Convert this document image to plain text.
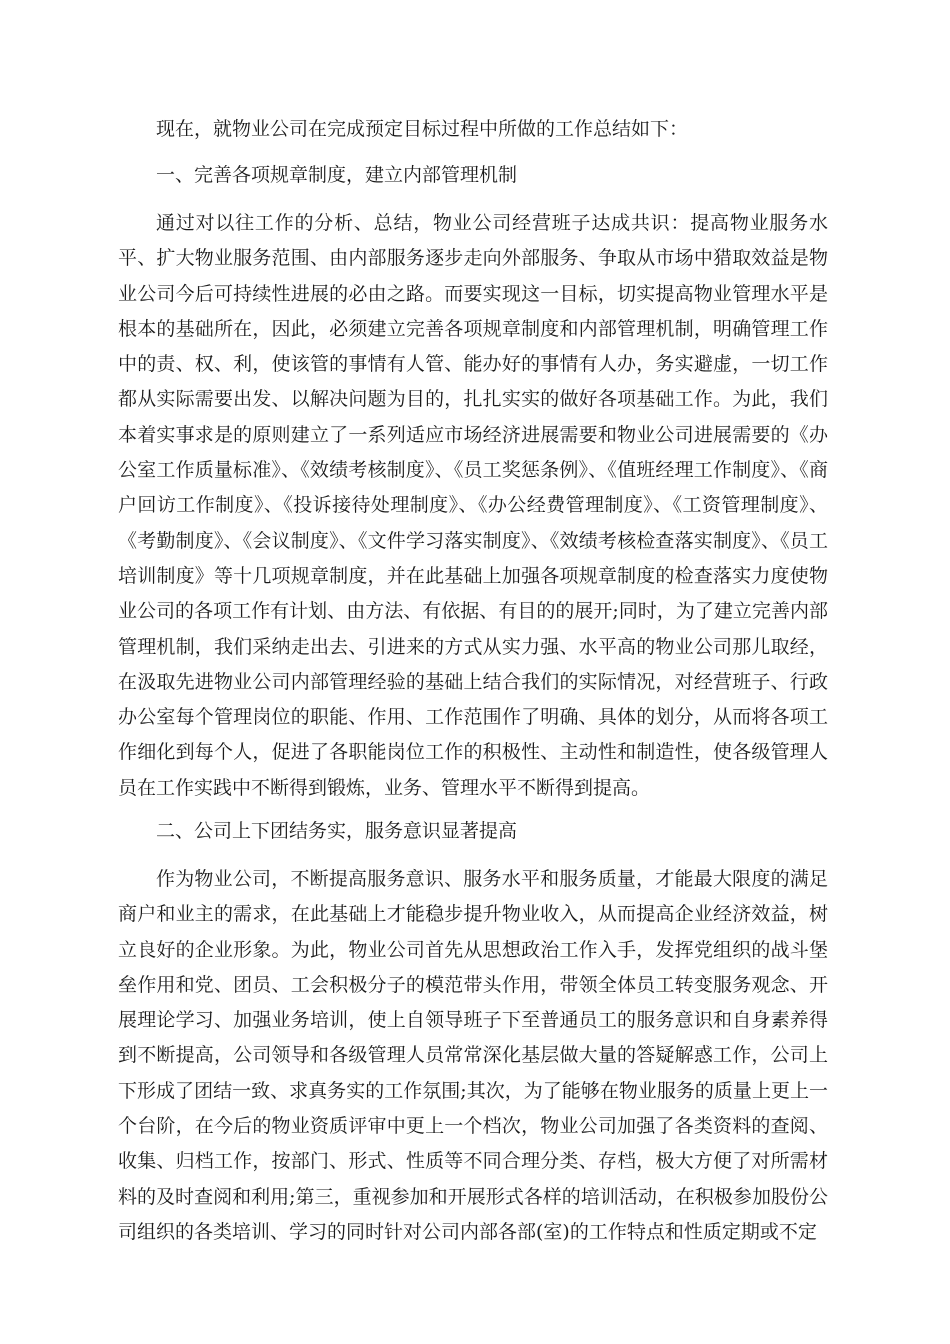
现在，就物业公司在完成预定目标过程中所做的工作总结如下：

一、完善各项规章制度，建立内部管理机制

通过对以往工作的分析、总结，物业公司经营班子达成共识：提高物业服务水平、扩大物业服务范围、由内部服务逐步走向外部服务、争取从市场中猎取效益是物业公司今后可持续性进展的必由之路。而要实现这一目标，切实提高物业管理水平是根本的基础所在，因此，必须建立完善各项规章制度和内部管理机制，明确管理工作中的责、权、利，使该管的事情有人管、能办好的事情有人办，务实避虚，一切工作都从实际需要出发、以解决问题为目的，扎扎实实的做好各项基础工作。为此，我们本着实事求是的原则建立了一系列适应市场经济进展需要和物业公司进展需要的《办公室工作质量标准》、《效绩考核制度》、《员工奖惩条例》、《值班经理工作制度》、《商户回访工作制度》、《投诉接待处理制度》、《办公经费管理制度》、《工资管理制度》、《考勤制度》、《会议制度》、《文件学习落实制度》、《效绩考核检查落实制度》、《员工培训制度》等十几项规章制度，并在此基础上加强各项规章制度的检查落实力度使物业公司的各项工作有计划、由方法、有依据、有目的的展开;同时，为了建立完善内部管理机制，我们采纳走出去、引进来的方式从实力强、水平高的物业公司那儿取经，在汲取先进物业公司内部管理经验的基础上结合我们的实际情况，对经营班子、行政办公室每个管理岗位的职能、作用、工作范围作了明确、具体的划分，从而将各项工作细化到每个人，促进了各职能岗位工作的积极性、主动性和制造性，使各级管理人员在工作实践中不断得到锻炼，业务、管理水平不断得到提高。

二、公司上下团结务实，服务意识显著提高

作为物业公司，不断提高服务意识、服务水平和服务质量，才能最大限度的满足商户和业主的需求，在此基础上才能稳步提升物业收入，从而提高企业经济效益，树立良好的企业形象。为此，物业公司首先从思想政治工作入手，发挥党组织的战斗堡垒作用和党、团员、工会积极分子的模范带头作用，带领全体员工转变服务观念、开展理论学习、加强业务培训，使上自领导班子下至普通员工的服务意识和自身素养得到不断提高，公司领导和各级管理人员常常深化基层做大量的答疑解惑工作，公司上下形成了团结一致、求真务实的工作氛围;其次，为了能够在物业服务的质量上更上一个台阶，在今后的物业资质评审中更上一个档次，物业公司加强了各类资料的查阅、收集、归档工作，按部门、形式、性质等不同合理分类、存档，极大方便了对所需材料的及时查阅和利用;第三，重视参加和开展形式各样的培训活动，在积极参加股份公司组织的各类培训、学习的同时针对公司内部各部(室)的工作特点和性质定期或不定
